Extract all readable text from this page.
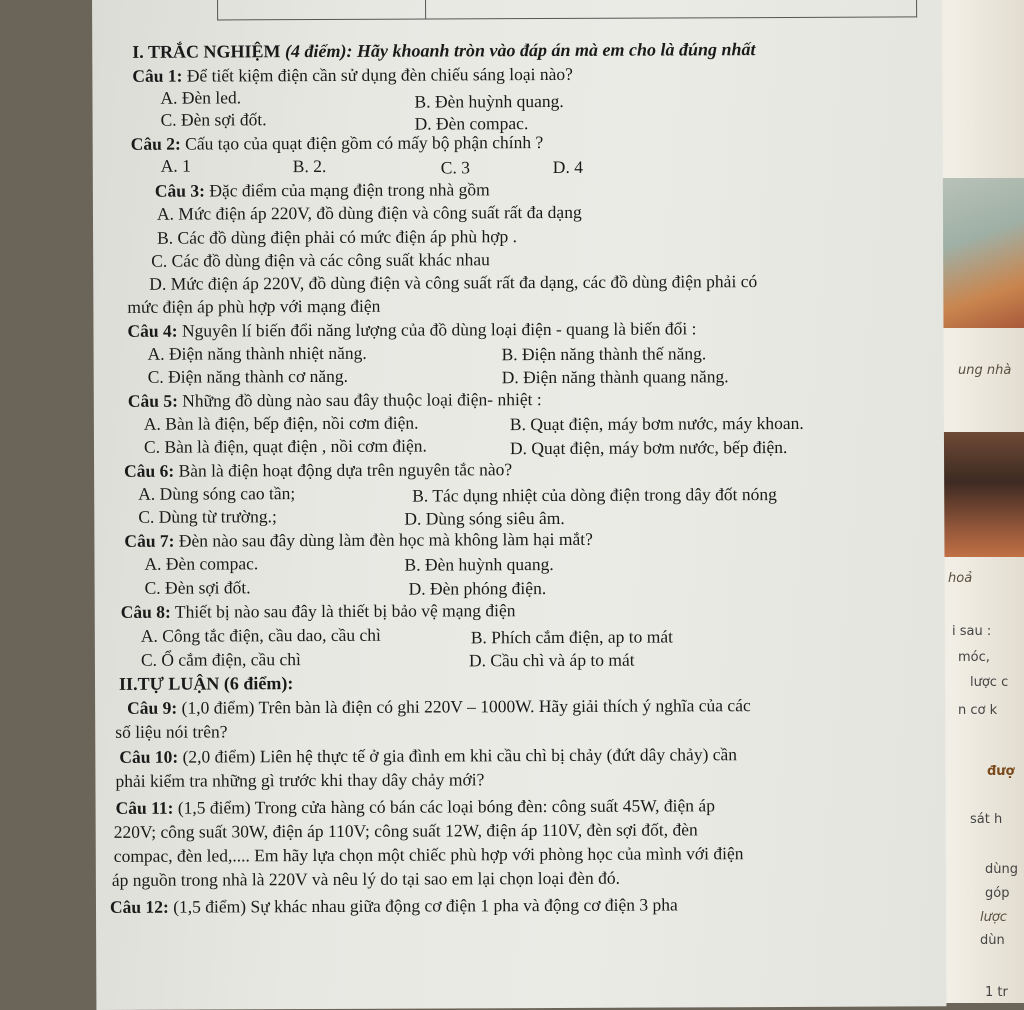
ung nhà
hoả
i sau :
móc,
lược c
n cơ k
đượ
sát h
dùng
góp
lược
dùn
1 tr
I. TRẮC NGHIỆM (4 điểm): Hãy khoanh tròn vào đáp án mà em cho là đúng nhất
Câu 1: Để tiết kiệm điện cần sử dụng đèn chiếu sáng loại nào?
A. Đèn led.	B. Đèn huỳnh quang.
C. Đèn sợi đốt.	D. Đèn compac.
Câu 2: Cấu tạo của quạt điện gồm có mấy bộ phận chính ?
A. 1	B. 2.	C. 3	D. 4
Câu 3: Đặc điểm của mạng điện trong nhà gồm
A. Mức điện áp 220V, đồ dùng điện và công suất rất đa dạng
B. Các đồ dùng điện phải có mức điện áp phù hợp .
C. Các đồ dùng điện và các công suất khác nhau
D. Mức điện áp 220V, đồ dùng điện và công suất rất đa dạng, các đồ dùng điện phải có
mức điện áp phù hợp với mạng điện
Câu 4: Nguyên lí biến đổi năng lượng của đồ dùng loại điện - quang là biến đổi :
A. Điện năng thành nhiệt năng.	B. Điện năng thành thế năng.
C. Điện năng thành cơ năng.	D. Điện năng thành quang năng.
Câu 5: Những đồ dùng nào sau đây thuộc loại điện- nhiệt :
A. Bàn là điện, bếp điện, nồi cơm điện.	B. Quạt điện, máy bơm nước, máy khoan.
C. Bàn là điện, quạt điện , nồi cơm điện.	D. Quạt điện, máy bơm nước, bếp điện.
Câu 6: Bàn là điện hoạt động dựa trên nguyên tắc nào?
A. Dùng sóng cao tần;	B. Tác dụng nhiệt của dòng điện trong dây đốt nóng
C. Dùng từ trường.;	D. Dùng sóng siêu âm.
Câu 7: Đèn nào sau đây dùng làm đèn học mà không làm hại mắt?
A. Đèn compac.	B. Đèn huỳnh quang.
C. Đèn sợi đốt.	D. Đèn phóng điện.
Câu 8: Thiết bị nào sau đây là thiết bị bảo vệ mạng điện
A. Công tắc điện, cầu dao, cầu chì	B. Phích cắm điện, ap to mát
C. Ổ cắm điện, cầu chì	D. Cầu chì và áp to mát
II.TỰ LUẬN (6 điểm):
Câu 9: (1,0 điểm) Trên bàn là điện có ghi 220V – 1000W. Hãy giải thích ý nghĩa của các
số liệu nói trên?
Câu 10: (2,0 điểm) Liên hệ thực tế ở gia đình em khi cầu chì bị chảy (đứt dây chảy) cần
phải kiểm tra những gì trước khi thay dây chảy mới?
Câu 11: (1,5 điểm) Trong cửa hàng có bán các loại bóng đèn: công suất 45W, điện áp
220V; công suất 30W, điện áp 110V; công suất 12W, điện áp 110V, đèn sợi đốt, đèn
compac, đèn led,.... Em hãy lựa chọn một chiếc phù hợp với phòng học của mình với điện
áp nguồn trong nhà là 220V và nêu lý do tại sao em lại chọn loại đèn đó.
Câu 12: (1,5 điểm) Sự khác nhau giữa động cơ điện 1 pha và động cơ điện 3 pha
